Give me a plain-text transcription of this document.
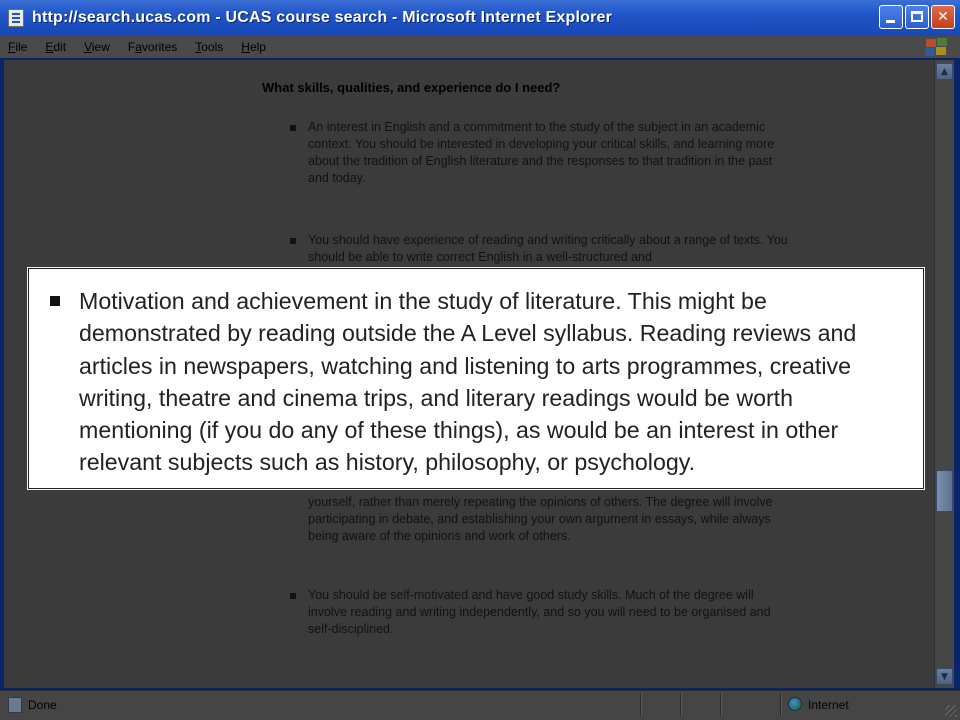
http://search.ucas.com - UCAS course search - Microsoft Internet Explorer	✕
File Edit View Favorites Tools Help
What skills, qualities, and experience do I need?
An interest in English and a commitment to the study of the subject in an academic context. You should be interested in developing your critical skills, and learning more about the tradition of English literature and the responses to that tradition in the past and today.
You should have experience of reading and writing critically about a range of texts. You should be able to write correct English in a well-structured and
yourself, rather than merely repeating the opinions of others. The degree will involve participating in debate, and establishing your own argument in essays, while always being aware of the opinions and work of others.
You should be self-motivated and have good study skills. Much of the degree will involve reading and writing independently, and so you will need to be organised and self-disciplined.
▲
▼
Motivation and achievement in the study of literature. This might be demonstrated by reading outside the A Level syllabus. Reading reviews and articles in newspapers, watching and listening to arts programmes, creative writing, theatre and cinema trips, and literary readings would be worth mentioning (if you do any of these things), as would be an interest in other relevant subjects such as history, philosophy, or psychology.
Done	Internet
